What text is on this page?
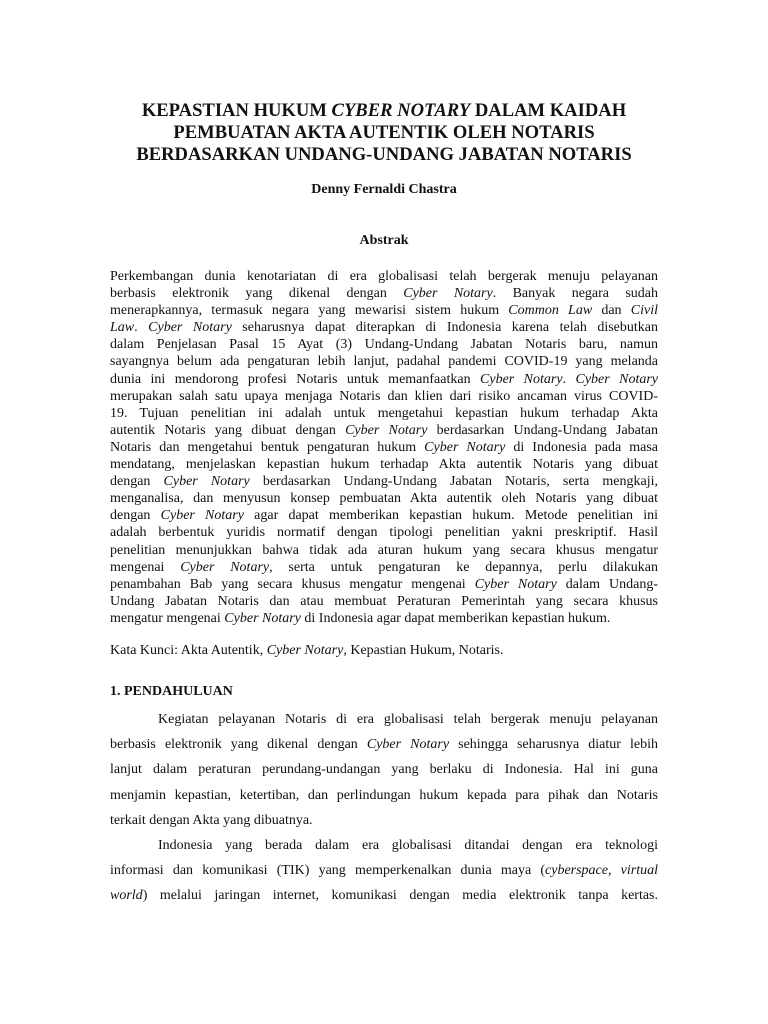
KEPASTIAN HUKUM CYBER NOTARY DALAM KAIDAH
PEMBUATAN AKTA AUTENTIK OLEH NOTARIS
BERDASARKAN UNDANG-UNDANG JABATAN NOTARIS

Denny Fernaldi Chastra

Abstrak

Perkembangan dunia kenotariatan di era globalisasi telah bergerak menuju pelayanan
berbasis elektronik yang dikenal dengan Cyber Notary. Banyak negara sudah
menerapkannya, termasuk negara yang mewarisi sistem hukum Common Law dan Civil
Law. Cyber Notary seharusnya dapat diterapkan di Indonesia karena telah disebutkan
dalam Penjelasan Pasal 15 Ayat (3) Undang-Undang Jabatan Notaris baru, namun
sayangnya belum ada pengaturan lebih lanjut, padahal pandemi COVID-19 yang melanda
dunia ini mendorong profesi Notaris untuk memanfaatkan Cyber Notary. Cyber Notary
merupakan salah satu upaya menjaga Notaris dan klien dari risiko ancaman virus COVID-
19. Tujuan penelitian ini adalah untuk mengetahui kepastian hukum terhadap Akta
autentik Notaris yang dibuat dengan Cyber Notary berdasarkan Undang-Undang Jabatan
Notaris dan mengetahui bentuk pengaturan hukum Cyber Notary di Indonesia pada masa
mendatang, menjelaskan kepastian hukum terhadap Akta autentik Notaris yang dibuat
dengan Cyber Notary berdasarkan Undang-Undang Jabatan Notaris, serta mengkaji,
menganalisa, dan menyusun konsep pembuatan Akta autentik oleh Notaris yang dibuat
dengan Cyber Notary agar dapat memberikan kepastian hukum. Metode penelitian ini
adalah berbentuk yuridis normatif dengan tipologi penelitian yakni preskriptif. Hasil
penelitian menunjukkan bahwa tidak ada aturan hukum yang secara khusus mengatur
mengenai Cyber Notary, serta untuk pengaturan ke depannya, perlu dilakukan
penambahan Bab yang secara khusus mengatur mengenai Cyber Notary dalam Undang-
Undang Jabatan Notaris dan atau membuat Peraturan Pemerintah yang secara khusus
mengatur mengenai Cyber Notary di Indonesia agar dapat memberikan kepastian hukum.
Kata Kunci: Akta Autentik, Cyber Notary, Kepastian Hukum, Notaris.

1. PENDAHULUAN

Kegiatan pelayanan Notaris di era globalisasi telah bergerak menuju pelayanan
berbasis elektronik yang dikenal dengan Cyber Notary sehingga seharusnya diatur lebih
lanjut dalam peraturan perundang-undangan yang berlaku di Indonesia. Hal ini guna
menjamin kepastian, ketertiban, dan perlindungan hukum kepada para pihak dan Notaris
terkait dengan Akta yang dibuatnya.
Indonesia yang berada dalam era globalisasi ditandai dengan era teknologi
informasi dan komunikasi (TIK) yang memperkenalkan dunia maya (cyberspace, virtual
world) melalui jaringan internet, komunikasi dengan media elektronik tanpa kertas.
